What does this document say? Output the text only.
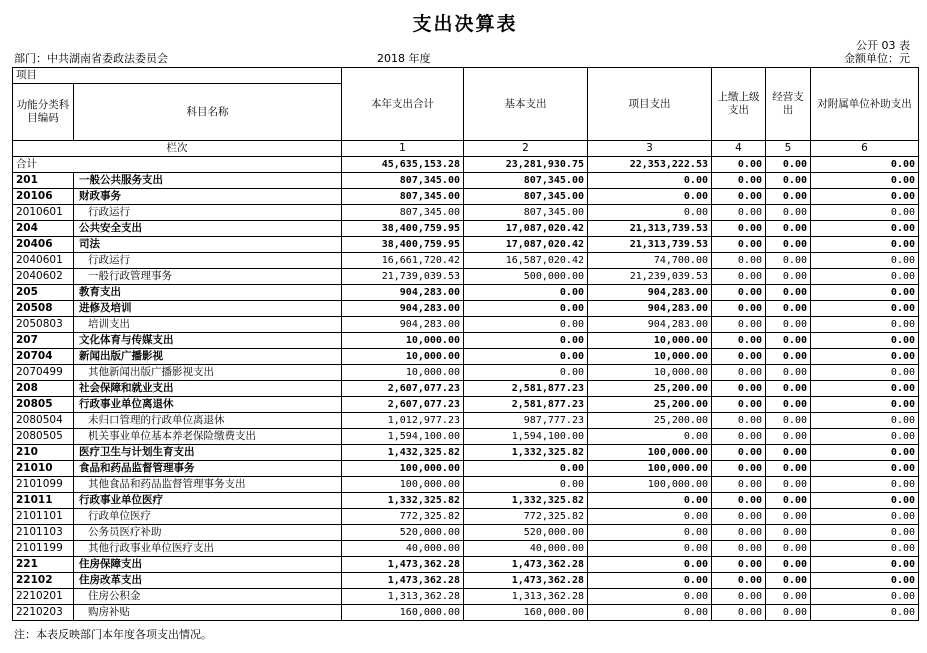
支出决算表
公开 03 表
部门：中共湖南省委政法委员会	2018 年度	金额单位：元
项目		本年支出合计	基本支出	项目支出	上缴上级支出	经营支出	对附属单位补助支出
功能分类科目编码	科目名称						
栏次		1	2	3	4	5	6
合计		45,635,153.28	23,281,930.75	22,353,222.53	0.00	0.00	0.00
201	一般公共服务支出	807,345.00	807,345.00	0.00	0.00	0.00	0.00
20106	财政事务	807,345.00	807,345.00	0.00	0.00	0.00	0.00
2010601	行政运行	807,345.00	807,345.00	0.00	0.00	0.00	0.00
204	公共安全支出	38,400,759.95	17,087,020.42	21,313,739.53	0.00	0.00	0.00
20406	司法	38,400,759.95	17,087,020.42	21,313,739.53	0.00	0.00	0.00
2040601	行政运行	16,661,720.42	16,587,020.42	74,700.00	0.00	0.00	0.00
2040602	一般行政管理事务	21,739,039.53	500,000.00	21,239,039.53	0.00	0.00	0.00
205	教育支出	904,283.00	0.00	904,283.00	0.00	0.00	0.00
20508	进修及培训	904,283.00	0.00	904,283.00	0.00	0.00	0.00
2050803	培训支出	904,283.00	0.00	904,283.00	0.00	0.00	0.00
207	文化体育与传媒支出	10,000.00	0.00	10,000.00	0.00	0.00	0.00
20704	新闻出版广播影视	10,000.00	0.00	10,000.00	0.00	0.00	0.00
2070499	其他新闻出版广播影视支出	10,000.00	0.00	10,000.00	0.00	0.00	0.00
208	社会保障和就业支出	2,607,077.23	2,581,877.23	25,200.00	0.00	0.00	0.00
20805	行政事业单位离退休	2,607,077.23	2,581,877.23	25,200.00	0.00	0.00	0.00
2080504	未归口管理的行政单位离退休	1,012,977.23	987,777.23	25,200.00	0.00	0.00	0.00
2080505	机关事业单位基本养老保险缴费支出	1,594,100.00	1,594,100.00	0.00	0.00	0.00	0.00
210	医疗卫生与计划生育支出	1,432,325.82	1,332,325.82	100,000.00	0.00	0.00	0.00
21010	食品和药品监督管理事务	100,000.00	0.00	100,000.00	0.00	0.00	0.00
2101099	其他食品和药品监督管理事务支出	100,000.00	0.00	100,000.00	0.00	0.00	0.00
21011	行政事业单位医疗	1,332,325.82	1,332,325.82	0.00	0.00	0.00	0.00
2101101	行政单位医疗	772,325.82	772,325.82	0.00	0.00	0.00	0.00
2101103	公务员医疗补助	520,000.00	520,000.00	0.00	0.00	0.00	0.00
2101199	其他行政事业单位医疗支出	40,000.00	40,000.00	0.00	0.00	0.00	0.00
221	住房保障支出	1,473,362.28	1,473,362.28	0.00	0.00	0.00	0.00
22102	住房改革支出	1,473,362.28	1,473,362.28	0.00	0.00	0.00	0.00
2210201	住房公积金	1,313,362.28	1,313,362.28	0.00	0.00	0.00	0.00
2210203	购房补贴	160,000.00	160,000.00	0.00	0.00	0.00	0.00
注：本表反映部门本年度各项支出情况。
